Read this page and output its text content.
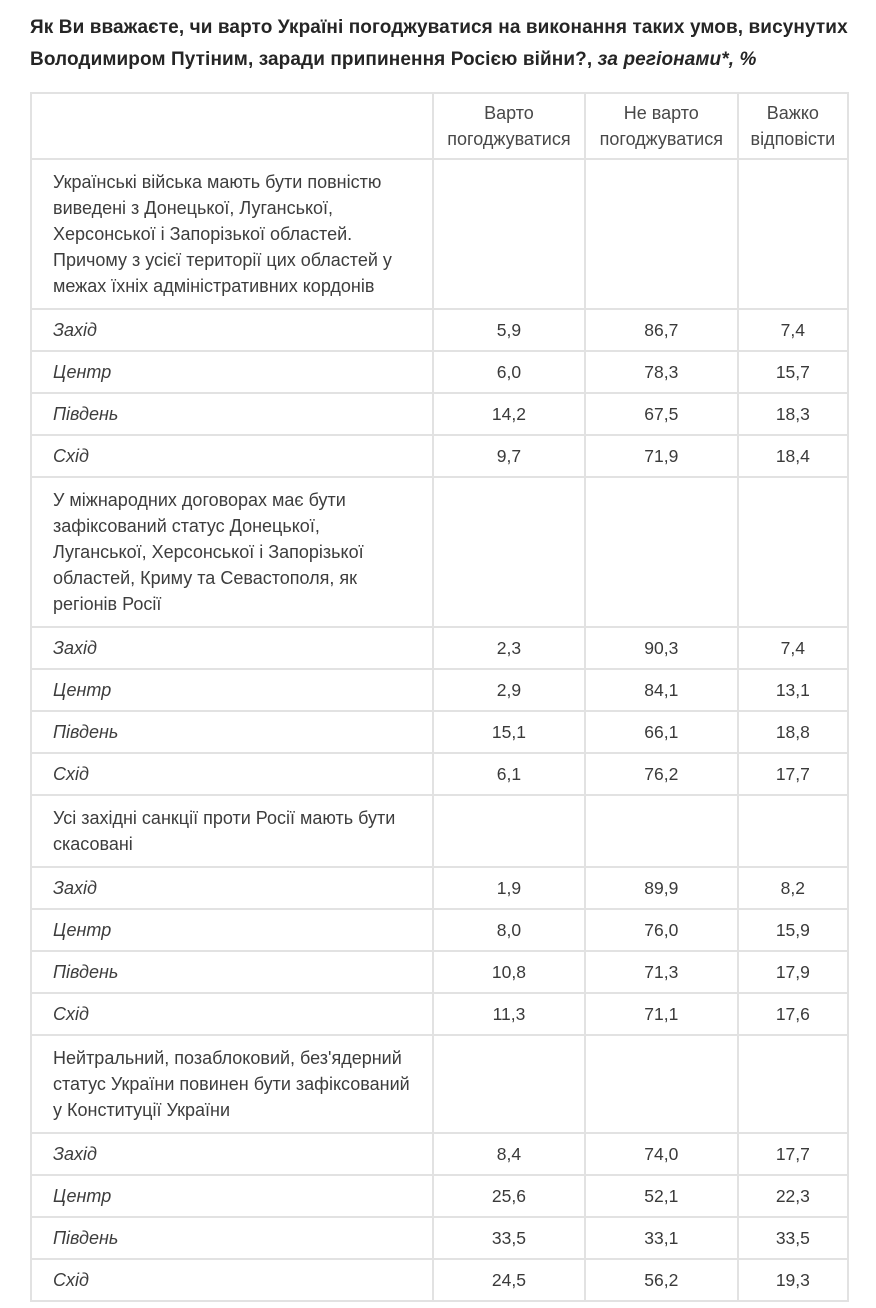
Як Ви вважаєте, чи варто Україні погоджуватися на виконання таких умов, висунутих Володимиром Путіним, заради припинення Росією війни?, за регіонами*, %
	Варто погоджуватися	Не варто погоджуватися	Важко відповісти
Українські війська мають бути повністю виведені з Донецької, Луганської, Херсонської і Запорізької областей. Причому з усієї території цих областей у межах їхніх адміністративних кордонів			
Захід	5,9	86,7	7,4
Центр	6,0	78,3	15,7
Південь	14,2	67,5	18,3
Схід	9,7	71,9	18,4
У міжнародних договорах має бути зафіксований статус Донецької, Луганської, Херсонської і Запорізької областей, Криму та Севастополя, як регіонів Росії			
Захід	2,3	90,3	7,4
Центр	2,9	84,1	13,1
Південь	15,1	66,1	18,8
Схід	6,1	76,2	17,7
Усі західні санкції проти Росії мають бути скасовані			
Захід	1,9	89,9	8,2
Центр	8,0	76,0	15,9
Південь	10,8	71,3	17,9
Схід	11,3	71,1	17,6
Нейтральний, позаблоковий, без'ядерний статус України повинен бути зафіксований у Конституції України			
Захід	8,4	74,0	17,7
Центр	25,6	52,1	22,3
Південь	33,5	33,1	33,5
Схід	24,5	56,2	19,3
